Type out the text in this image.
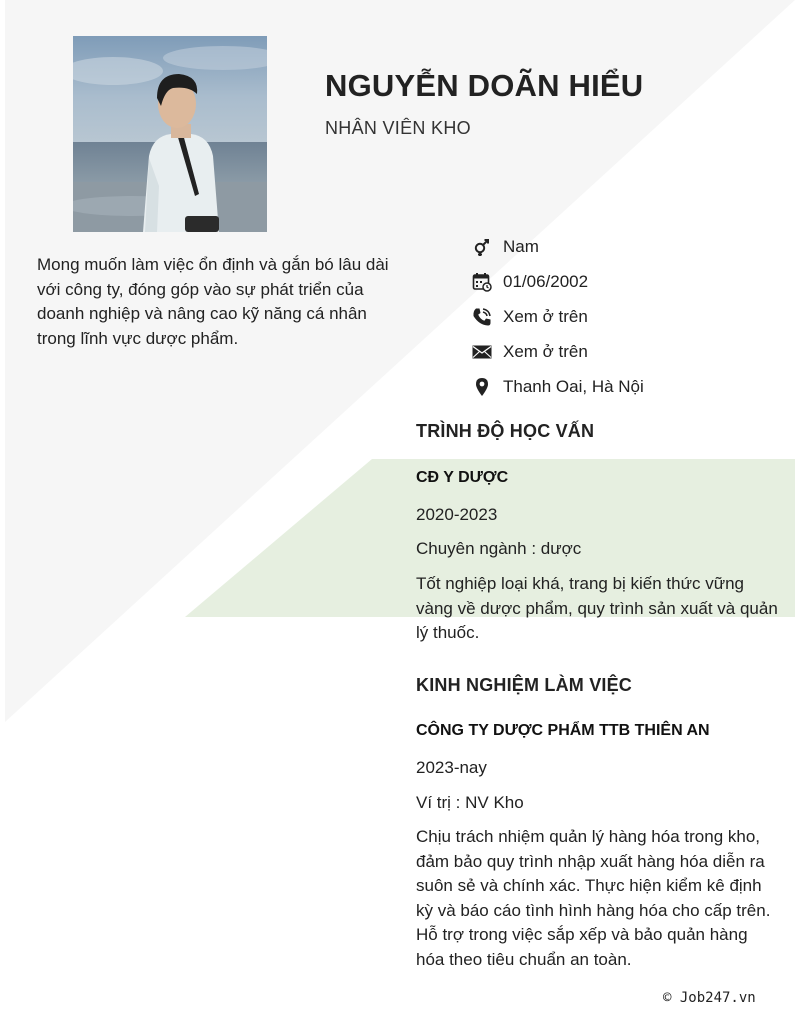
NGUYỄN DOÃN HIỂU

NHÂN VIÊN KHO

Mong muốn làm việc ổn định và gắn bó lâu dài với công ty, đóng góp vào sự phát triển của doanh nghiệp và nâng cao kỹ năng cá nhân trong lĩnh vực dược phẩm.

Nam
01/06/2002
Xem ở trên
Xem ở trên
Thanh Oai, Hà Nội
TRÌNH ĐỘ HỌC VẤN

CĐ Y DƯỢC

2020-2023

Chuyên ngành : dược

Tốt nghiệp loại khá, trang bị kiến thức vững vàng về dược phẩm, quy trình sản xuất và quản lý thuốc.

KINH NGHIỆM LÀM VIỆC

CÔNG TY DƯỢC PHẨM TTB THIÊN AN

2023-nay

Ví trị : NV Kho

Chịu trách nhiệm quản lý hàng hóa trong kho, đảm bảo quy trình nhập xuất hàng hóa diễn ra suôn sẻ và chính xác. Thực hiện kiểm kê định kỳ và báo cáo tình hình hàng hóa cho cấp trên. Hỗ trợ trong việc sắp xếp và bảo quản hàng hóa theo tiêu chuẩn an toàn.

© Job247.vn
